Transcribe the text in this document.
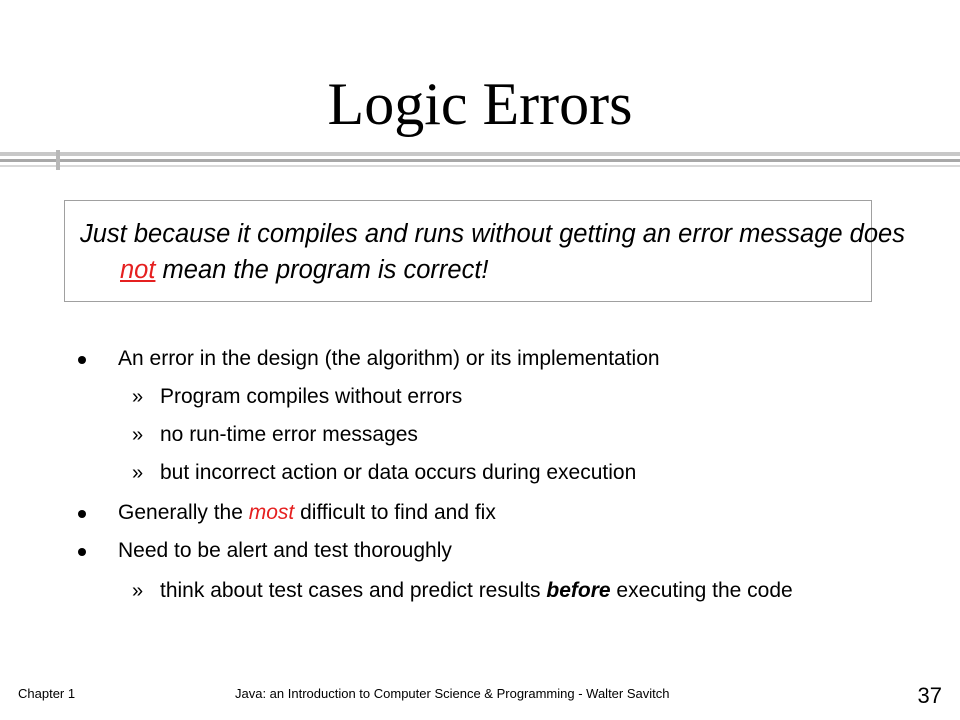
Logic Errors
Just because it compiles and runs without getting an error message does not mean the program is correct!
An error in the design (the algorithm) or its implementation
» Program compiles without errors
» no run-time error messages
» but incorrect action or data occurs during execution
Generally the most difficult to find and fix
Need to be alert and test thoroughly
» think about test cases and predict results before executing the code
Chapter 1	Java: an Introduction to Computer Science & Programming - Walter Savitch	37
